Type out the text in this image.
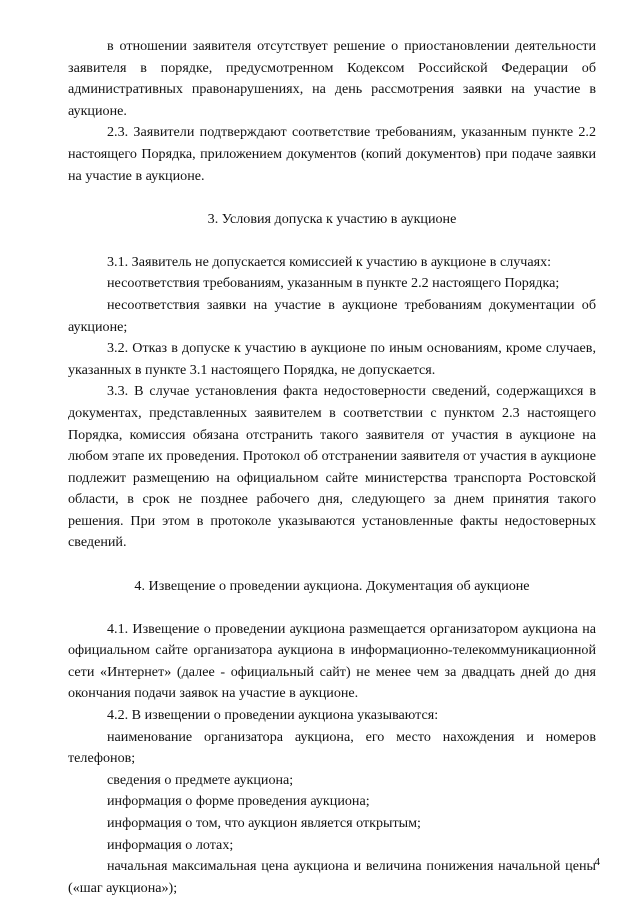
в отношении заявителя отсутствует решение о приостановлении деятельности заявителя в порядке, предусмотренном Кодексом Российской Федерации об административных правонарушениях, на день рассмотрения заявки на участие в аукционе.

2.3. Заявители подтверждают соответствие требованиям, указанным пункте 2.2 настоящего Порядка, приложением документов (копий документов) при подаче заявки на участие в аукционе.

3. Условия допуска к участию в аукционе

3.1. Заявитель не допускается комиссией к участию в аукционе в случаях:

несоответствия требованиям, указанным в пункте 2.2 настоящего Порядка;

несоответствия заявки на участие в аукционе требованиям документации об аукционе;

3.2. Отказ в допуске к участию в аукционе по иным основаниям, кроме случаев, указанных в пункте 3.1 настоящего Порядка, не допускается.

3.3. В случае установления факта недостоверности сведений, содержащихся в документах, представленных заявителем в соответствии с пунктом 2.3 настоящего Порядка, комиссия обязана отстранить такого заявителя от участия в аукционе на любом этапе их проведения. Протокол об отстранении заявителя от участия в аукционе подлежит размещению на официальном сайте министерства транспорта Ростовской области, в срок не позднее рабочего дня, следующего за днем принятия такого решения. При этом в протоколе указываются установленные факты недостоверных сведений.

4. Извещение о проведении аукциона. Документация об аукционе

4.1. Извещение о проведении аукциона размещается организатором аукциона на официальном сайте организатора аукциона в информационно-телекоммуникационной сети «Интернет» (далее - официальный сайт) не менее чем за двадцать дней до дня окончания подачи заявок на участие в аукционе.

4.2. В извещении о проведении аукциона указываются:

наименование организатора аукциона, его место нахождения и номеров телефонов;

сведения о предмете аукциона;

информация о форме проведения аукциона;

информация о том, что аукцион является открытым;

информация о лотах;

начальная максимальная цена аукциона и величина понижения начальной цены («шаг аукциона»);

4
